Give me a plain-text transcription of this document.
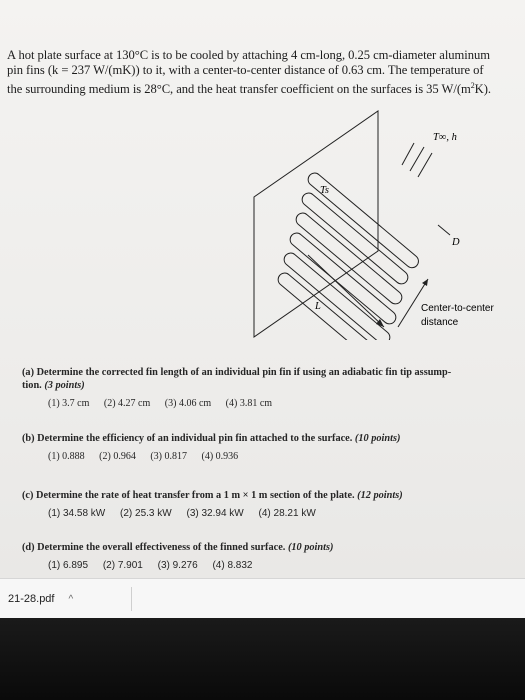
A hot plate surface at 130°C is to be cooled by attaching 4 cm-long, 0.25 cm-diameter aluminum
pin fins (k = 237 W/(mK)) to it, with a center-to-center distance of 0.63 cm. The temperature of
the surrounding medium is 28°C, and the heat transfer coefficient on the surfaces is 35 $W/(m^2K)$.
T∞, h
Ts
D
L	Center-to-center
distance
(a) Determine the corrected fin length of an individual pin fin if using an adiabatic fin tip assump-
tion. (3 points)
(1) 3.7 cm (2) 4.27 cm (3) 4.06 cm (4) 3.81 cm
(b) Determine the efficiency of an individual pin fin attached to the surface. (10 points)
(1) 0.888 (2) 0.964 (3) 0.817 (4) 0.936
(c) Determine the rate of heat transfer from a 1 m × 1 m section of the plate. (12 points)
(1) 34.58 kW (2) 25.3 kW (3) 32.94 kW (4) 28.21 kW
(d) Determine the overall effectiveness of the finned surface. (10 points)
(1) 6.895 (2) 7.901 (3) 9.276 (4) 8.832
21-28.pdf ^
